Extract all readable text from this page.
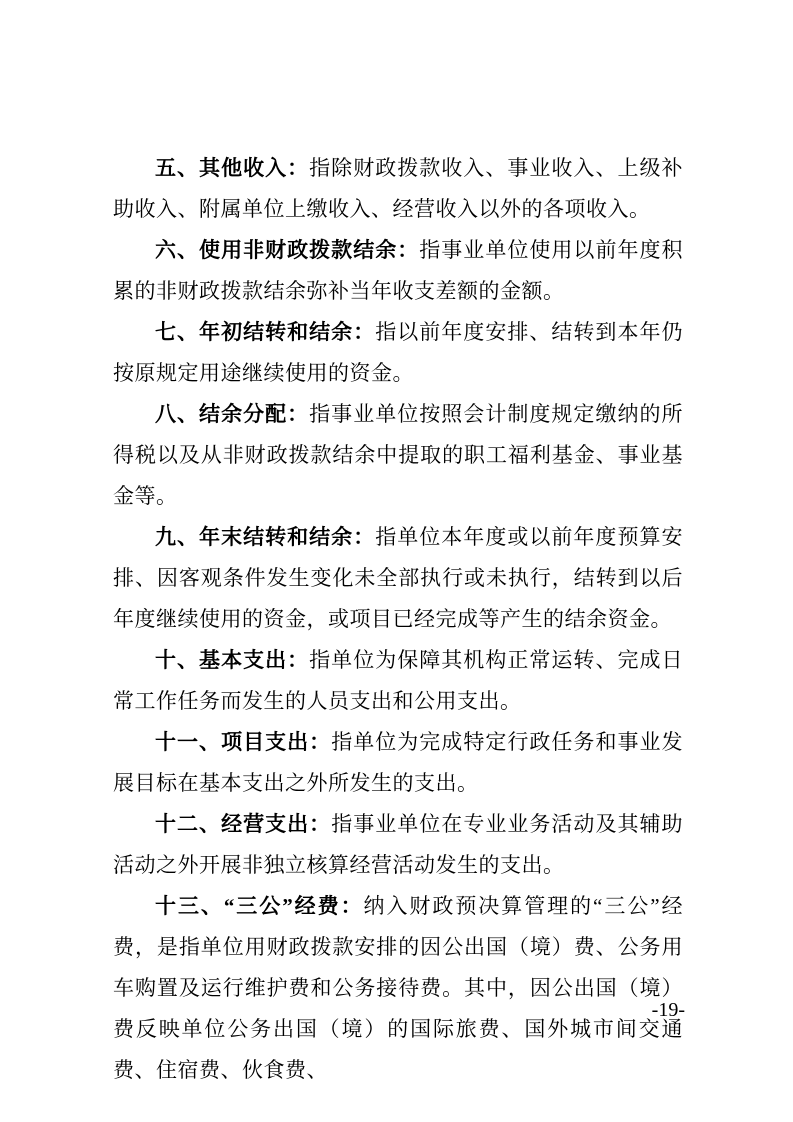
五、其他收入：指除财政拨款收入、事业收入、上级补助收入、附属单位上缴收入、经营收入以外的各项收入。

六、使用非财政拨款结余：指事业单位使用以前年度积累的非财政拨款结余弥补当年收支差额的金额。

七、年初结转和结余：指以前年度安排、结转到本年仍按原规定用途继续使用的资金。

八、结余分配：指事业单位按照会计制度规定缴纳的所得税以及从非财政拨款结余中提取的职工福利基金、事业基金等。

九、年末结转和结余：指单位本年度或以前年度预算安排、因客观条件发生变化未全部执行或未执行，结转到以后年度继续使用的资金，或项目已经完成等产生的结余资金。

十、基本支出：指单位为保障其机构正常运转、完成日常工作任务而发生的人员支出和公用支出。

十一、项目支出：指单位为完成特定行政任务和事业发展目标在基本支出之外所发生的支出。

十二、经营支出：指事业单位在专业业务活动及其辅助活动之外开展非独立核算经营活动发生的支出。

十三、“三公”经费：纳入财政预决算管理的“三公”经费，是指单位用财政拨款安排的因公出国（境）费、公务用车购置及运行维护费和公务接待费。其中，因公出国（境）费反映单位公务出国（境）的国际旅费、国外城市间交通费、住宿费、伙食费、

-19-
